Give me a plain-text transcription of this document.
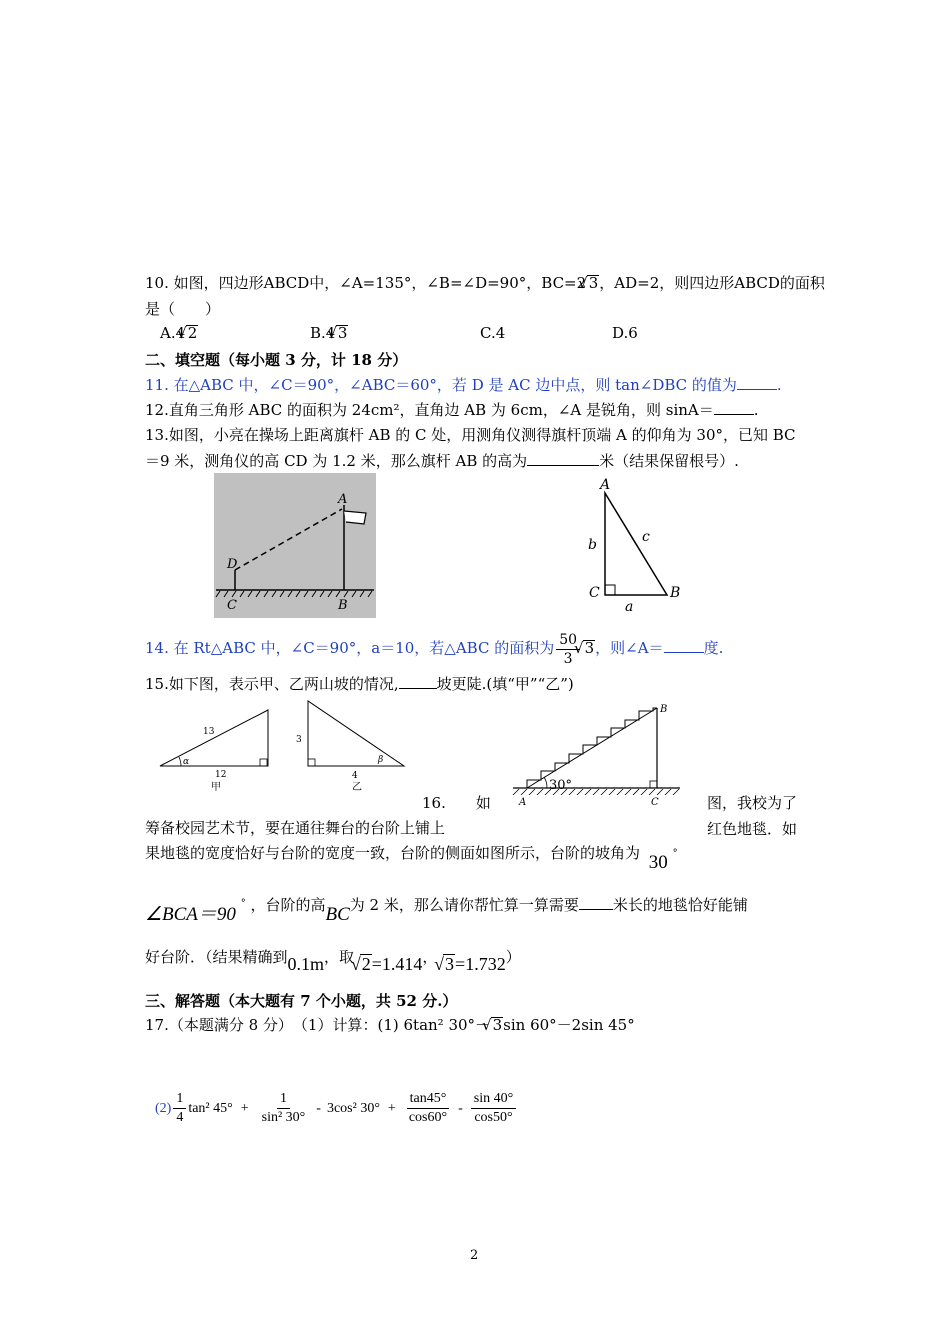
10. 如图，四边形ABCD中，∠A=135°，∠B=∠D=90°，BC=2 √ 3，AD=2，则四边形ABCD的面积
是（　　）
A.4 √ 2	B.4 √ 3	C.4	D.6
二、填空题（每小题 3 分，计 18 分）
11. 在△ABC 中，∠C＝90°，∠ABC＝60°，若 D 是 AC 边中点，则 tan∠DBC 的值为	.
12.直角三角形 ABC 的面积为 24cm²，直角边 AB 为 6cm，∠A 是锐角，则 sinA＝	.
13.如图，小亮在操场上距离旗杆 AB 的 C 处，用测角仪测得旗杆顶端 A 的仰角为 30°，已知 BC
＝9 米，测角仪的高 CD 为 1.2 米，那么旗杆 AB 的高为	米（结果保留根号）.
A
D
C	B
A
b	c
C	B
a
14. 在 Rt△ABC 中，∠C＝90°，a＝10，若△ABC 的面积为 $\frac{50}{3}$ √ 3，则∠A＝	度.
15.如下图，表示甲、乙两山坡的情况,	坡更陡.(填“甲”“乙”)
13
α
12
甲
3
β
4
乙
B
30°
A	C
16.　　如	图，我校为了
筹备校园艺术节，要在通往舞台的台阶上铺上	红色地毯．如
果地毯的宽度恰好与台阶的宽度一致，台阶的侧面如图所示，台阶的坡角为 30 °
∠BCA＝90 ° ，台阶的高BC为 2 米，那么请你帮忙算一算需要 米长的地毯恰好能铺
好台阶．（结果精确到0.1m，取 √ 2=1.414， √ 3=1.732）
三、解答题（本大题有 7 个小题，共 52 分.）
17.（本题满分 8 分）　（1）计算：(1) 6tan² 30°－ √ 3sin 60°－2sin 45°
$(2) \frac{1}{4} \tan^2$ $45^\circ + \frac{1}{\text{sin² 30°}} - 3\cos^2$ $30^\circ + \frac{\tan 45^\circ}{\cos 60^\circ} - \frac{\sin 40^\circ}{\cos 50^\circ}$
2
